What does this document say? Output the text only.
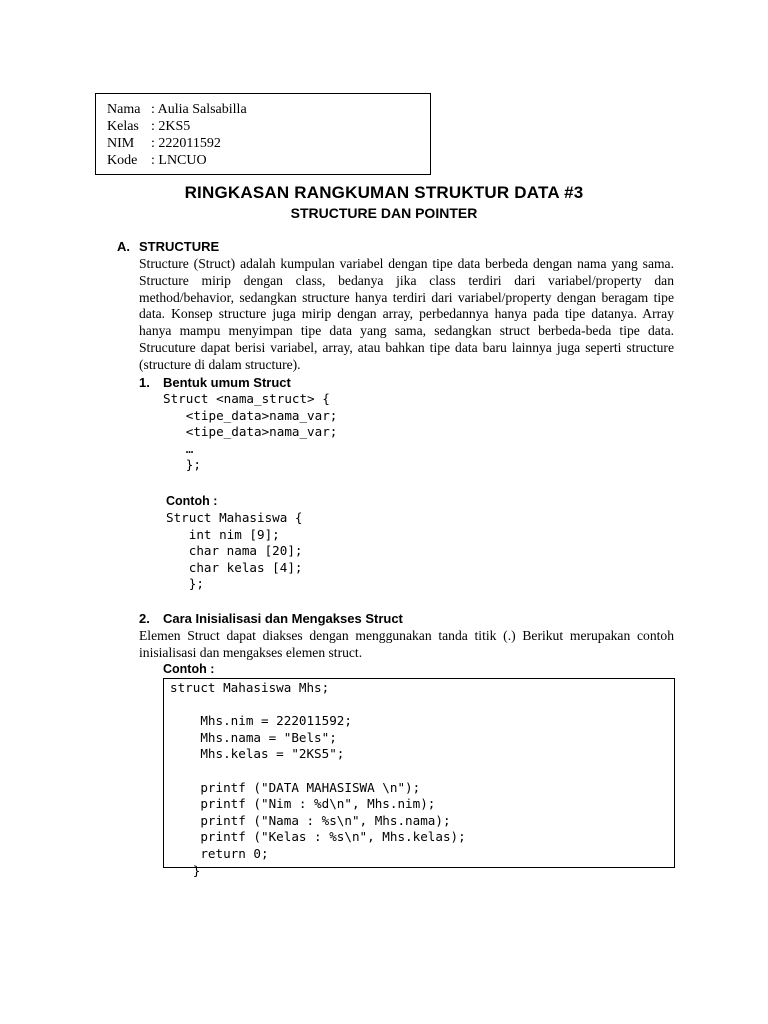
Nama : Aulia Salsabilla
Kelas : 2KS5
NIM	: 222011592
Kode : LNCUO
RINGKASAN RANGKUMAN STRUKTUR DATA #3
STRUCTURE DAN POINTER
A. STRUCTURE
Structure (Struct) adalah kumpulan variabel dengan tipe data berbeda dengan nama yang sama. Structure mirip dengan class, bedanya jika class terdiri dari variabel/property dan method/behavior, sedangkan structure hanya terdiri dari variabel/property dengan beragam tipe data. Konsep structure juga mirip dengan array, perbedannya hanya pada tipe datanya. Array hanya mampu menyimpan tipe data yang sama, sedangkan struct berbeda-beda tipe data. Strucuture dapat berisi variabel, array, atau bahkan tipe data baru lainnya juga seperti structure (structure di dalam structure).
1.	Bentuk umum Struct
Struct <nama_struct> {
<tipe_data>nama_var;
<tipe_data>nama_var;
…
};
Contoh :
Struct Mahasiswa {
int nim [9];
char nama [20];
char kelas [4];
};
2.	Cara Inisialisasi dan Mengakses Struct
Elemen Struct dapat diakses dengan menggunakan tanda titik (.) Berikut merupakan contoh inisialisasi dan mengakses elemen struct.
Contoh :
struct Mahasiswa Mhs;

Mhs.nim = 222011592;
Mhs.nama = "Bels";
Mhs.kelas = "2KS5";

printf ("DATA MAHASISWA \n");
printf ("Nim : %d\n", Mhs.nim);
printf ("Nama : %s\n", Mhs.nama);
printf ("Kelas : %s\n", Mhs.kelas);
return 0;
}
